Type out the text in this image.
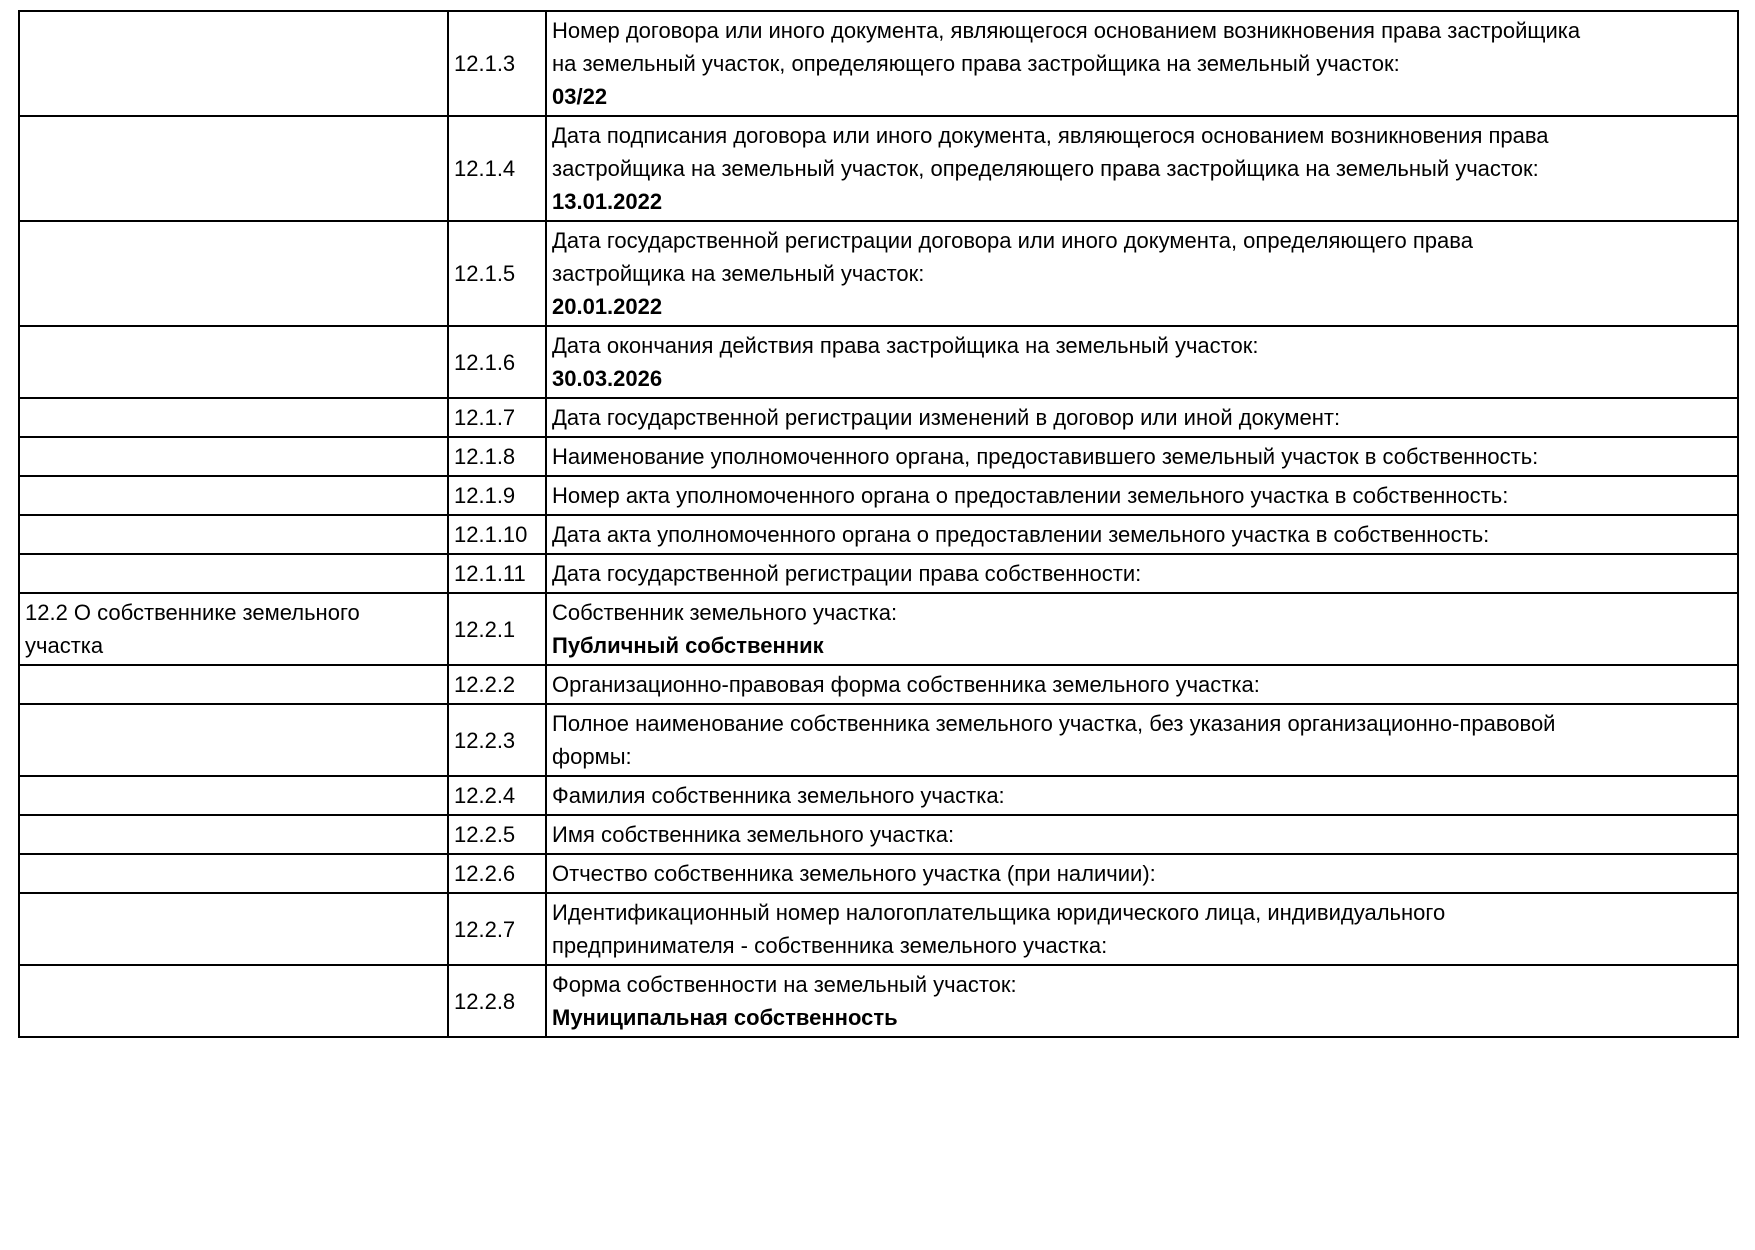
	12.1.3	Номер договора или иного документа, являющегося основанием возникновения права застройщика на земельный участок, определяющего права застройщика на земельный участок:
03/22

	12.1.4	Дата подписания договора или иного документа, являющегося основанием возникновения права застройщика на земельный участок, определяющего права застройщика на земельный участок:
13.01.2022

	12.1.5	Дата государственной регистрации договора или иного документа, определяющего права застройщика на земельный участок:
20.01.2022

	12.1.6	Дата окончания действия права застройщика на земельный участок:
30.03.2026

	12.1.7	Дата государственной регистрации изменений в договор или иной документ:

	12.1.8	Наименование уполномоченного органа, предоставившего земельный участок в собственность:

	12.1.9	Номер акта уполномоченного органа о предоставлении земельного участка в собственность:

	12.1.10	Дата акта уполномоченного органа о предоставлении земельного участка в собственность:

	12.1.11	Дата государственной регистрации права собственности:

12.2 О собственнике земельного участка	12.2.1	Собственник земельного участка:
Публичный собственник

	12.2.2	Организационно-правовая форма собственника земельного участка:

	12.2.3	Полное наименование собственника земельного участка, без указания организационно-правовой формы:

	12.2.4	Фамилия собственника земельного участка:

	12.2.5	Имя собственника земельного участка:

	12.2.6	Отчество собственника земельного участка (при наличии):

	12.2.7	Идентификационный номер налогоплательщика юридического лица, индивидуального предпринимателя - собственника земельного участка:

	12.2.8	Форма собственности на земельный участок:
Муниципальная собственность
